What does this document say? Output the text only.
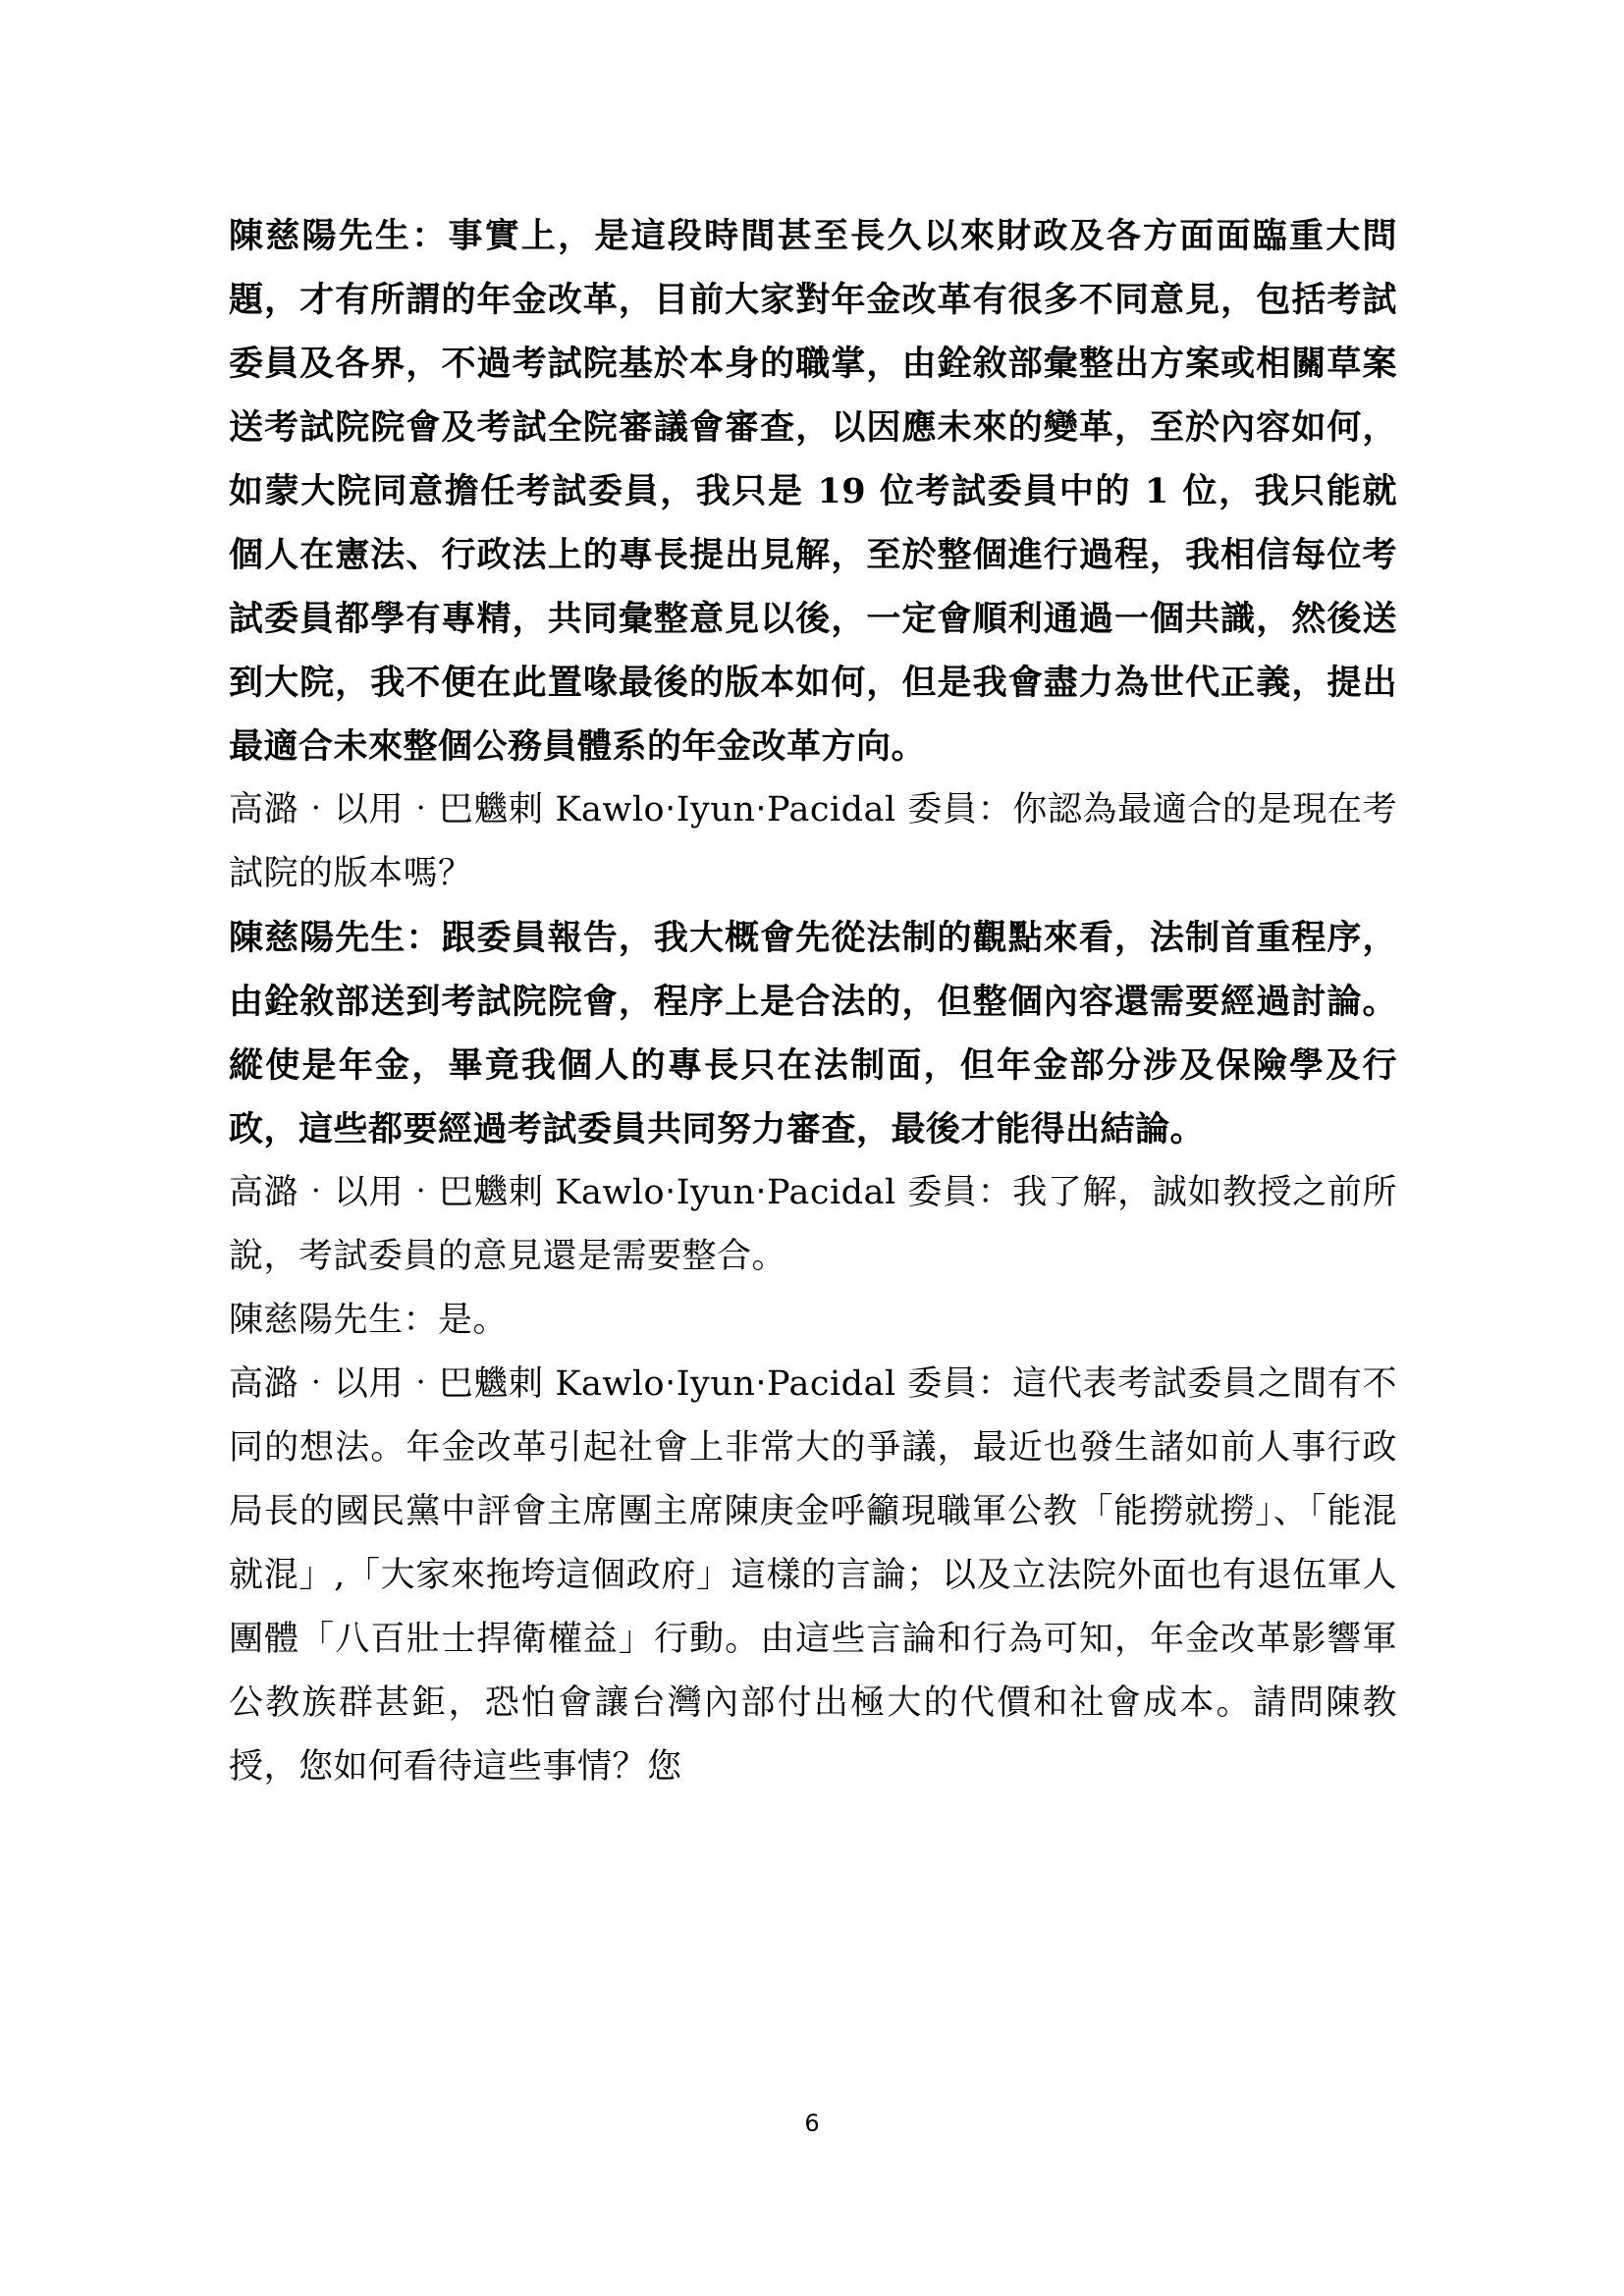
陳慈陽先生：事實上，是這段時間甚至長久以來財政及各方面面臨重大問題，才有所謂的年金改革，目前大家對年金改革有很多不同意見，包括考試委員及各界，不過考試院基於本身的職掌，由銓敘部彙整出方案或相關草案送考試院院會及考試全院審議會審查，以因應未來的變革，至於內容如何，如蒙大院同意擔任考試委員，我只是 19 位考試委員中的 1 位，我只能就個人在憲法、行政法上的專長提出見解，至於整個進行過程，我相信每位考試委員都學有專精，共同彙整意見以後，一定會順利通過一個共識，然後送到大院，我不便在此置喙最後的版本如何，但是我會盡力為世代正義，提出最適合未來整個公務員體系的年金改革方向。

高潞‧以用‧巴魕剌 Kawlo‧Iyun‧Pacidal 委員：你認為最適合的是現在考試院的版本嗎？

陳慈陽先生：跟委員報告，我大概會先從法制的觀點來看，法制首重程序，由銓敘部送到考試院院會，程序上是合法的，但整個內容還需要經過討論。縱使是年金，畢竟我個人的專長只在法制面，但年金部分涉及保險學及行政，這些都要經過考試委員共同努力審查，最後才能得出結論。

高潞‧以用‧巴魕剌 Kawlo‧Iyun‧Pacidal 委員：我了解，誠如教授之前所說，考試委員的意見還是需要整合。

陳慈陽先生：是。

高潞‧以用‧巴魕剌 Kawlo‧Iyun‧Pacidal 委員：這代表考試委員之間有不同的想法。年金改革引起社會上非常大的爭議，最近也發生諸如前人事行政局長的國民黨中評會主席團主席陳庚金呼籲現職軍公教「能撈就撈」、「能混就混」,「大家來拖垮這個政府」這樣的言論；以及立法院外面也有退伍軍人團體「八百壯士捍衛權益」行動。由這些言論和行為可知，年金改革影響軍公教族群甚鉅，恐怕會讓台灣內部付出極大的代價和社會成本。請問陳教授，您如何看待這些事情？您

6
